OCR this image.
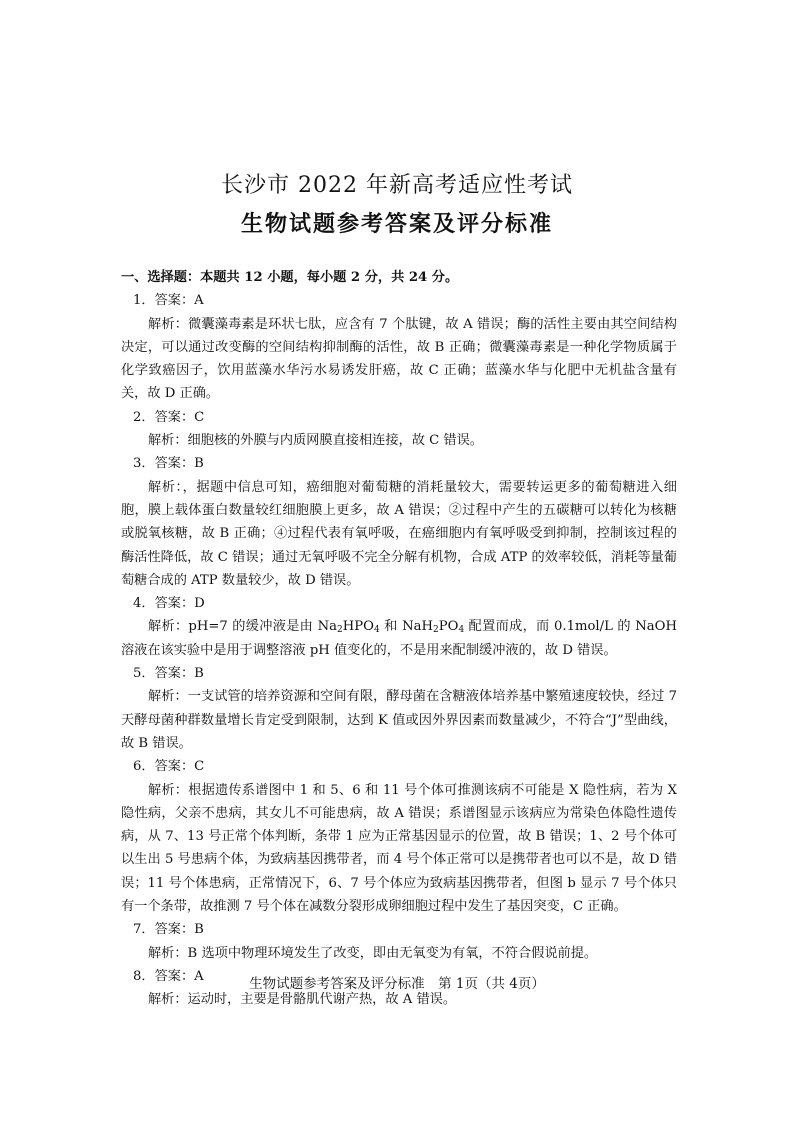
长沙市 2022 年新高考适应性考试
生物试题参考答案及评分标准
一、选择题：本题共 12 小题，每小题 2 分，共 24 分。
1．答案：A
解析：微囊藻毒素是环状七肽，应含有 7 个肽键，故 A 错误；酶的活性主要由其空间结构决定，可以通过改变酶的空间结构抑制酶的活性，故 B 正确；微囊藻毒素是一种化学物质属于化学致癌因子，饮用蓝藻水华污水易诱发肝癌，故 C 正确；蓝藻水华与化肥中无机盐含量有关，故 D 正确。
2．答案：C
解析：细胞核的外膜与内质网膜直接相连接，故 C 错误。
3．答案：B
解析：，据题中信息可知，癌细胞对葡萄糖的消耗量较大，需要转运更多的葡萄糖进入细胞，膜上载体蛋白数量较红细胞膜上更多，故 A 错误；②过程中产生的五碳糖可以转化为核糖或脱氧核糖，故 B 正确；④过程代表有氧呼吸，在癌细胞内有氧呼吸受到抑制，控制该过程的酶活性降低，故 C 错误；通过无氧呼吸不完全分解有机物，合成 ATP 的效率较低，消耗等量葡萄糖合成的 ATP 数量较少，故 D 错误。
4．答案：D
解析：pH=7 的缓冲液是由 $Na_2HPO_4$ 和 $NaH_2PO_4$ 配置而成，而 0.1mol/L 的 NaOH 溶液在该实验中是用于调整溶液 pH 值变化的，不是用来配制缓冲液的，故 D 错误。
5．答案：B
解析：一支试管的培养资源和空间有限，酵母菌在含糖液体培养基中繁殖速度较快，经过 7 天酵母菌种群数量增长肯定受到限制，达到 K 值或因外界因素而数量减少，不符合“J”型曲线，故 B 错误。
6．答案：C
解析：根据遗传系谱图中 1 和 5、6 和 11 号个体可推测该病不可能是 X 隐性病，若为 X 隐性病，父亲不患病，其女儿不可能患病，故 A 错误；系谱图显示该病应为常染色体隐性遗传病，从 7、13 号正常个体判断，条带 1 应为正常基因显示的位置，故 B 错误；1、2 号个体可以生出 5 号患病个体，为致病基因携带者，而 4 号个体正常可以是携带者也可以不是，故 D 错误；11 号个体患病，正常情况下，6、7 号个体应为致病基因携带者，但图 b 显示 7 号个体只有一个条带，故推测 7 号个体在减数分裂形成卵细胞过程中发生了基因突变，C 正确。
7．答案：B
解析：B 选项中物理环境发生了改变，即由无氧变为有氧，不符合假说前提。
8．答案：A
解析：运动时，主要是骨骼肌代谢产热，故 A 错误。
生物试题参考答案及评分标准　第 1页（共 4页）
